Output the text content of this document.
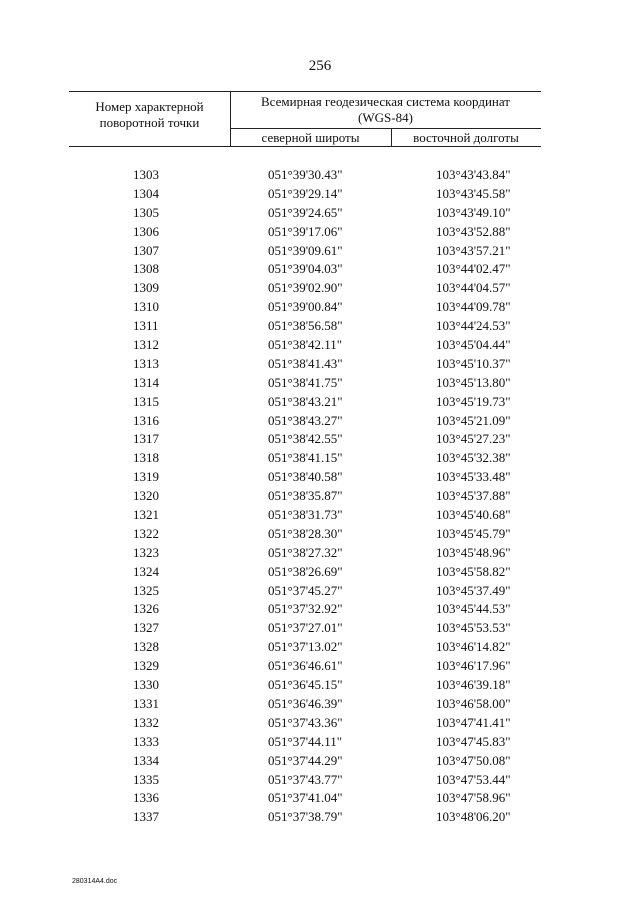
256
Номер характерной
поворотной точки
Всемирная геодезическая система координат
(WGS-84)
северной широты	восточной долготы
1303	051°39'30.43"	103°43'43.84"
1304	051°39'29.14"	103°43'45.58"
1305	051°39'24.65"	103°43'49.10"
1306	051°39'17.06"	103°43'52.88"
1307	051°39'09.61"	103°43'57.21"
1308	051°39'04.03"	103°44'02.47"
1309	051°39'02.90"	103°44'04.57"
1310	051°39'00.84"	103°44'09.78"
1311	051°38'56.58"	103°44'24.53"
1312	051°38'42.11"	103°45'04.44"
1313	051°38'41.43"	103°45'10.37"
1314	051°38'41.75"	103°45'13.80"
1315	051°38'43.21"	103°45'19.73"
1316	051°38'43.27"	103°45'21.09"
1317	051°38'42.55"	103°45'27.23"
1318	051°38'41.15"	103°45'32.38"
1319	051°38'40.58"	103°45'33.48"
1320	051°38'35.87"	103°45'37.88"
1321	051°38'31.73"	103°45'40.68"
1322	051°38'28.30"	103°45'45.79"
1323	051°38'27.32"	103°45'48.96"
1324	051°38'26.69"	103°45'58.82"
1325	051°37'45.27"	103°45'37.49"
1326	051°37'32.92"	103°45'44.53"
1327	051°37'27.01"	103°45'53.53"
1328	051°37'13.02"	103°46'14.82"
1329	051°36'46.61"	103°46'17.96"
1330	051°36'45.15"	103°46'39.18"
1331	051°36'46.39"	103°46'58.00"
1332	051°37'43.36"	103°47'41.41"
1333	051°37'44.11"	103°47'45.83"
1334	051°37'44.29"	103°47'50.08"
1335	051°37'43.77"	103°47'53.44"
1336	051°37'41.04"	103°47'58.96"
1337	051°37'38.79"	103°48'06.20"
280314A4.doc
